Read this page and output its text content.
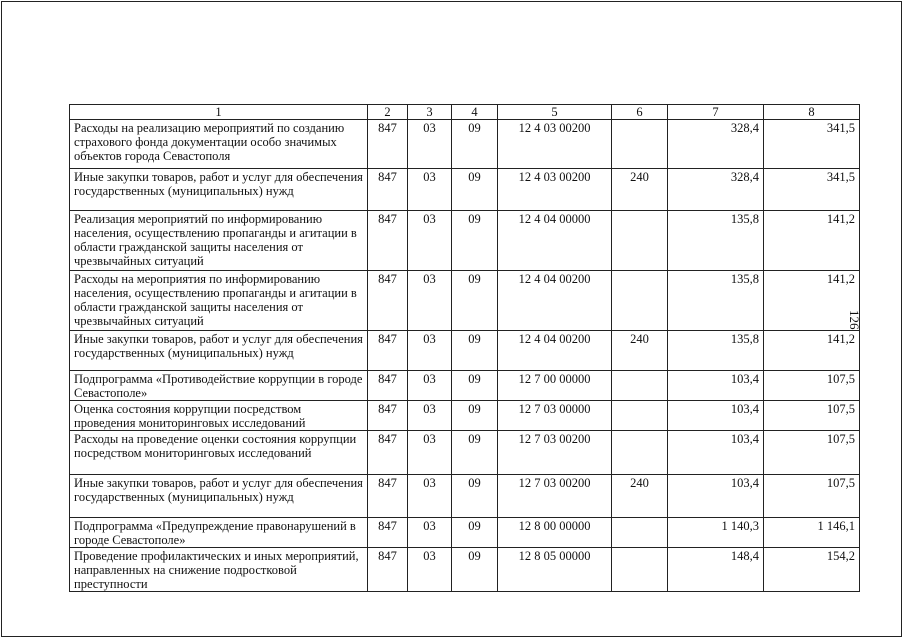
1	2	3	4	5	6	7	8
Расходы на реализацию мероприятий по созданию страхового фонда документации особо значимых объектов города Севастополя	847	03	09	12 4 03 00200		328,4	341,5
Иные закупки товаров, работ и услуг для обеспечения государственных (муниципальных) нужд	847	03	09	12 4 03 00200	240	328,4	341,5
Реализация мероприятий по информированию населения, осуществлению пропаганды и агитации в области гражданской защиты населения от чрезвычайных ситуаций	847	03	09	12 4 04 00000		135,8	141,2
Расходы на мероприятия по информированию населения, осуществлению пропаганды и агитации в области гражданской защиты населения от чрезвычайных ситуаций	847	03	09	12 4 04 00200		135,8	141,2
Иные закупки товаров, работ и услуг для обеспечения государственных (муниципальных) нужд	847	03	09	12 4 04 00200	240	135,8	141,2
Подпрограмма «Противодействие коррупции в городе Севастополе»	847	03	09	12 7 00 00000		103,4	107,5
Оценка состояния коррупции посредством проведения мониторинговых исследований	847	03	09	12 7 03 00000		103,4	107,5
Расходы на проведение оценки состояния коррупции посредством мониторинговых исследований	847	03	09	12 7 03 00200		103,4	107,5
Иные закупки товаров, работ и услуг для обеспечения государственных (муниципальных) нужд	847	03	09	12 7 03 00200	240	103,4	107,5
Подпрограмма «Предупреждение правонарушений в городе Севастополе»	847	03	09	12 8 00 00000		1 140,3	1 146,1
Проведение профилактических и иных мероприятий, направленных на снижение подростковой преступности	847	03	09	12 8 05 00000		148,4	154,2
126
